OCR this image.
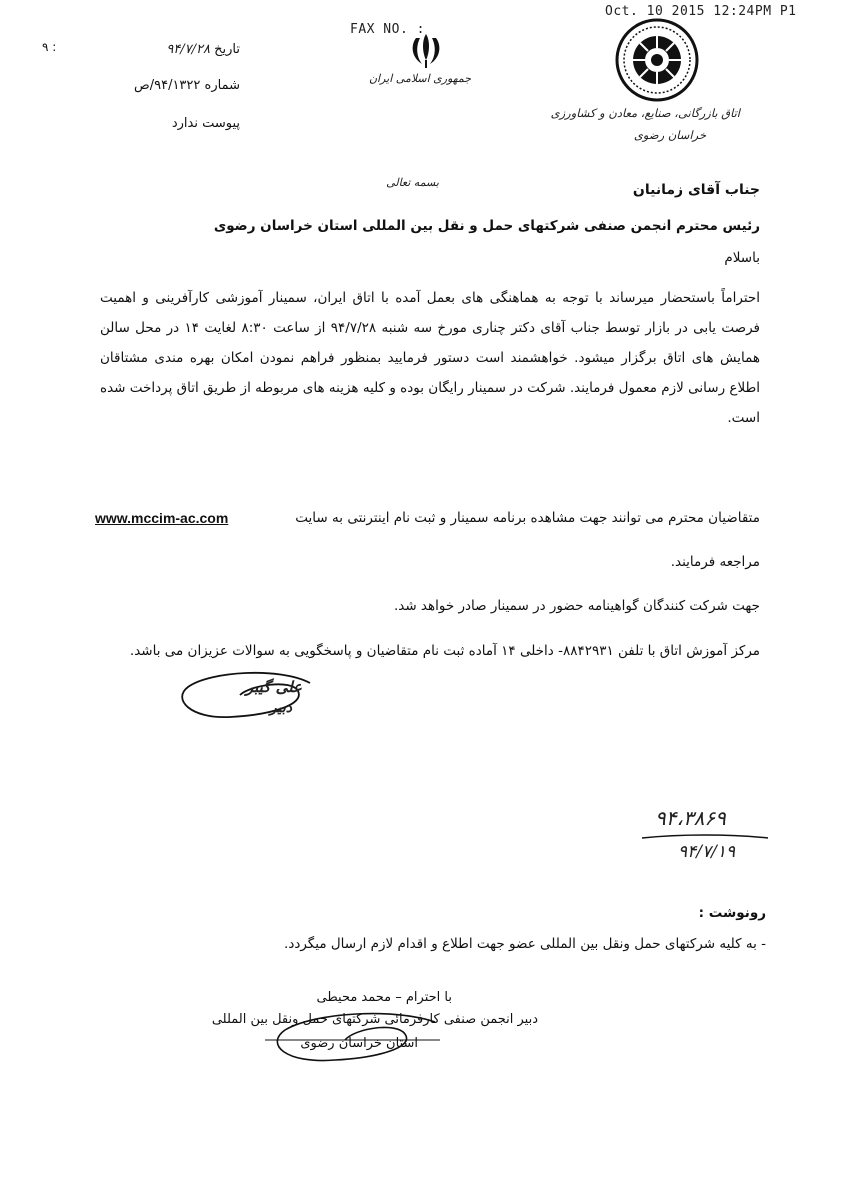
FAX NO. :
Oct. 10 2015 12:24PM P1
۹ :	تاریخ ۹۴/۷/۲۸
شماره ۹۴/۱۳۲۲/ص
پیوست ندارد
جمهوری اسلامی ایران
اتاق بازرگانی، صنایع، معادن و کشاورزی
خراسان رضوی
بسمه تعالی	جناب آقای زمانیان
رئیس محترم انجمن صنفی شرکتهای حمل و نقل بین المللی استان خراسان رضوی
باسلام
احتراماً باستحضار میرساند با توجه به هماهنگی های بعمل آمده با اتاق ایران، سمینار آموزشی کارآفرینی و اهمیت فرصت یابی در بازار توسط جناب آقای دکتر چناری مورخ سه شنبه ۹۴/۷/۲۸ از ساعت ۸:۳۰ لغایت ۱۴ در محل سالن همایش های اتاق برگزار میشود. خواهشمند است دستور فرمایید بمنظور فراهم نمودن امکان بهره مندی مشتاقان اطلاع رسانی لازم معمول فرمایند. شرکت در سمینار رایگان بوده و کلیه هزینه های مربوطه از طریق اتاق پرداخت شده است.
متقاضیان محترم می توانند جهت مشاهده برنامه سمینار و ثبت نام اینترنتی به سایت
www.mccim-ac.com
مراجعه فرمایند.
جهت شرکت کنندگان گواهینامه حضور در سمینار صادر خواهد شد.
مرکز آموزش اتاق با تلفن ۸۸۴۲۹۳۱- داخلی ۱۴ آماده ثبت نام متقاضیان و پاسخگویی به سوالات عزیزان می باشد.
علی گیبر
دبیر
۹۴،۳۸۶۹
۹۴/۷/۱۹
رونوشت :
- به کلیه شرکتهای حمل ونقل بین المللی عضو جهت اطلاع و اقدام لازم ارسال میگردد.
با احترام – محمد محیطی
دبیر انجمن صنفی کارفرمائی شرکتهای حمل ونقل بین المللی
استان خراسان رضوی
